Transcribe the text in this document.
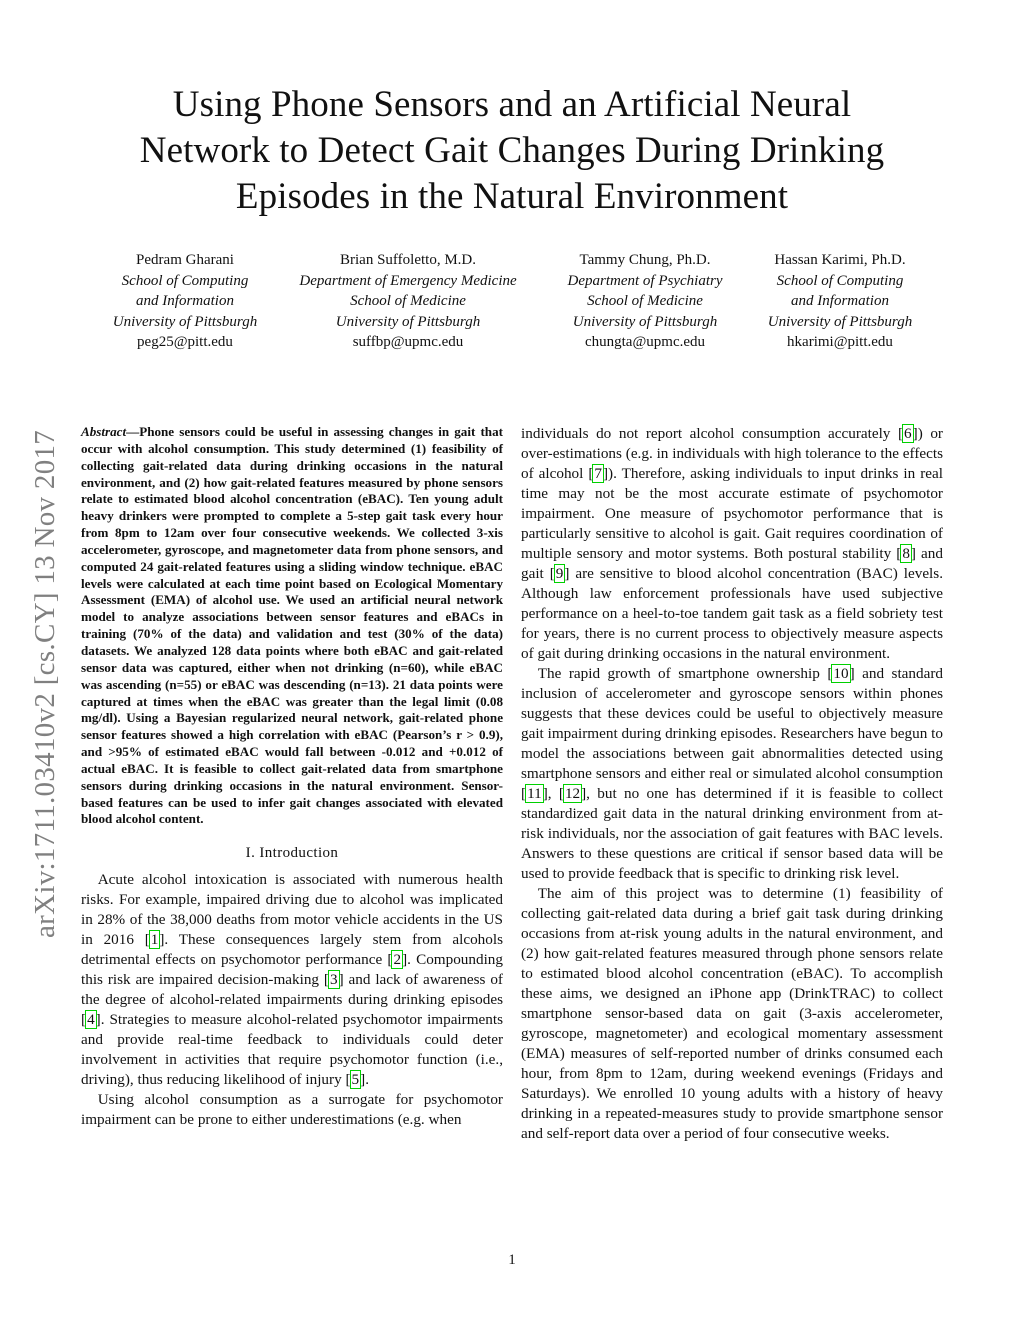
Using Phone Sensors and an Artificial Neural
Network to Detect Gait Changes During Drinking
Episodes in the Natural Environment
Pedram Gharani
School of Computing
and Information
University of Pittsburgh
peg25@pitt.edu
Brian Suffoletto, M.D.
Department of Emergency Medicine
School of Medicine
University of Pittsburgh
suffbp@upmc.edu
Tammy Chung, Ph.D.
Department of Psychiatry
School of Medicine
University of Pittsburgh
chungta@upmc.edu
Hassan Karimi, Ph.D.
School of Computing
and Information
University of Pittsburgh
hkarimi@pitt.edu
arXiv:1711.03410v2 [cs.CY] 13 Nov 2017 Abstract—Phone sensors could be useful in assessing changes in gait that occur with alcohol consumption. This study determined (1) feasibility of collecting gait-related data during drinking occasions in the natural environment, and (2) how gait-related features measured by phone sensors relate to estimated blood alcohol concentration (eBAC). Ten young adult heavy drinkers were prompted to complete a 5-step gait task every hour from 8pm to 12am over four consecutive weekends. We collected 3-xis accelerometer, gyroscope, and magnetometer data from phone sensors, and computed 24 gait-related features using a sliding window technique. eBAC levels were calculated at each time point based on Ecological Momentary Assessment (EMA) of alcohol use. We used an artificial neural network model to analyze associations between sensor features and eBACs in training (70% of the data) and validation and test (30% of the data) datasets. We analyzed 128 data points where both eBAC and gait-related sensor data was captured, either when not drinking (n=60), while eBAC was ascending (n=55) or eBAC was descending (n=13). 21 data points were captured at times when the eBAC was greater than the legal limit (0.08 mg/dl). Using a Bayesian regularized neural network, gait-related phone sensor features showed a high correlation with eBAC (Pearson’s r > 0.9), and >95% of estimated eBAC would fall between -0.012 and +0.012 of actual eBAC. It is feasible to collect gait-related data from smartphone sensors during drinking occasions in the natural environment. Sensor-based features can be used to infer gait changes associated with elevated blood alcohol content.

I. Introduction

Acute alcohol intoxication is associated with numerous health risks. For example, impaired driving due to alcohol was implicated in 28% of the 38,000 deaths from motor vehicle accidents in the US in 2016 [1]. These consequences largely stem from alcohols detrimental effects on psychomotor performance [2]. Compounding this risk are impaired decision-making [3] and lack of awareness of the degree of alcohol-related impairments during drinking episodes [4]. Strategies to measure alcohol-related psychomotor impairments and provide real-time feedback to individuals could deter involvement in activities that require psychomotor function (i.e., driving), thus reducing likelihood of injury [5].

Using alcohol consumption as a surrogate for psychomotor impairment can be prone to either underestimations (e.g. when

individuals do not report alcohol consumption accurately [6]) or over-estimations (e.g. in individuals with high tolerance to the effects of alcohol [7]). Therefore, asking individuals to input drinks in real time may not be the most accurate estimate of psychomotor impairment. One measure of psychomotor performance that is particularly sensitive to alcohol is gait. Gait requires coordination of multiple sensory and motor systems. Both postural stability [8] and gait [9] are sensitive to blood alcohol concentration (BAC) levels. Although law enforcement professionals have used subjective performance on a heel-to-toe tandem gait task as a field sobriety test for years, there is no current process to objectively measure aspects of gait during drinking occasions in the natural environment.

The rapid growth of smartphone ownership [10] and standard inclusion of accelerometer and gyroscope sensors within phones suggests that these devices could be useful to objectively measure gait impairment during drinking episodes. Researchers have begun to model the associations between gait abnormalities detected using smartphone sensors and either real or simulated alcohol consumption [11], [12], but no one has determined if it is feasible to collect standardized gait data in the natural drinking environment from at-risk individuals, nor the association of gait features with BAC levels. Answers to these questions are critical if sensor based data will be used to provide feedback that is specific to drinking risk level.

The aim of this project was to determine (1) feasibility of collecting gait-related data during a brief gait task during drinking occasions from at-risk young adults in the natural environment, and (2) how gait-related features measured through phone sensors relate to estimated blood alcohol concentration (eBAC). To accomplish these aims, we designed an iPhone app (DrinkTRAC) to collect smartphone sensor-based data on gait (3-axis accelerometer, gyroscope, magnetometer) and ecological momentary assessment (EMA) measures of self-reported number of drinks consumed each hour, from 8pm to 12am, during weekend evenings (Fridays and Saturdays). We enrolled 10 young adults with a history of heavy drinking in a repeated-measures study to provide smartphone sensor and self-report data over a period of four consecutive weeks.

1
